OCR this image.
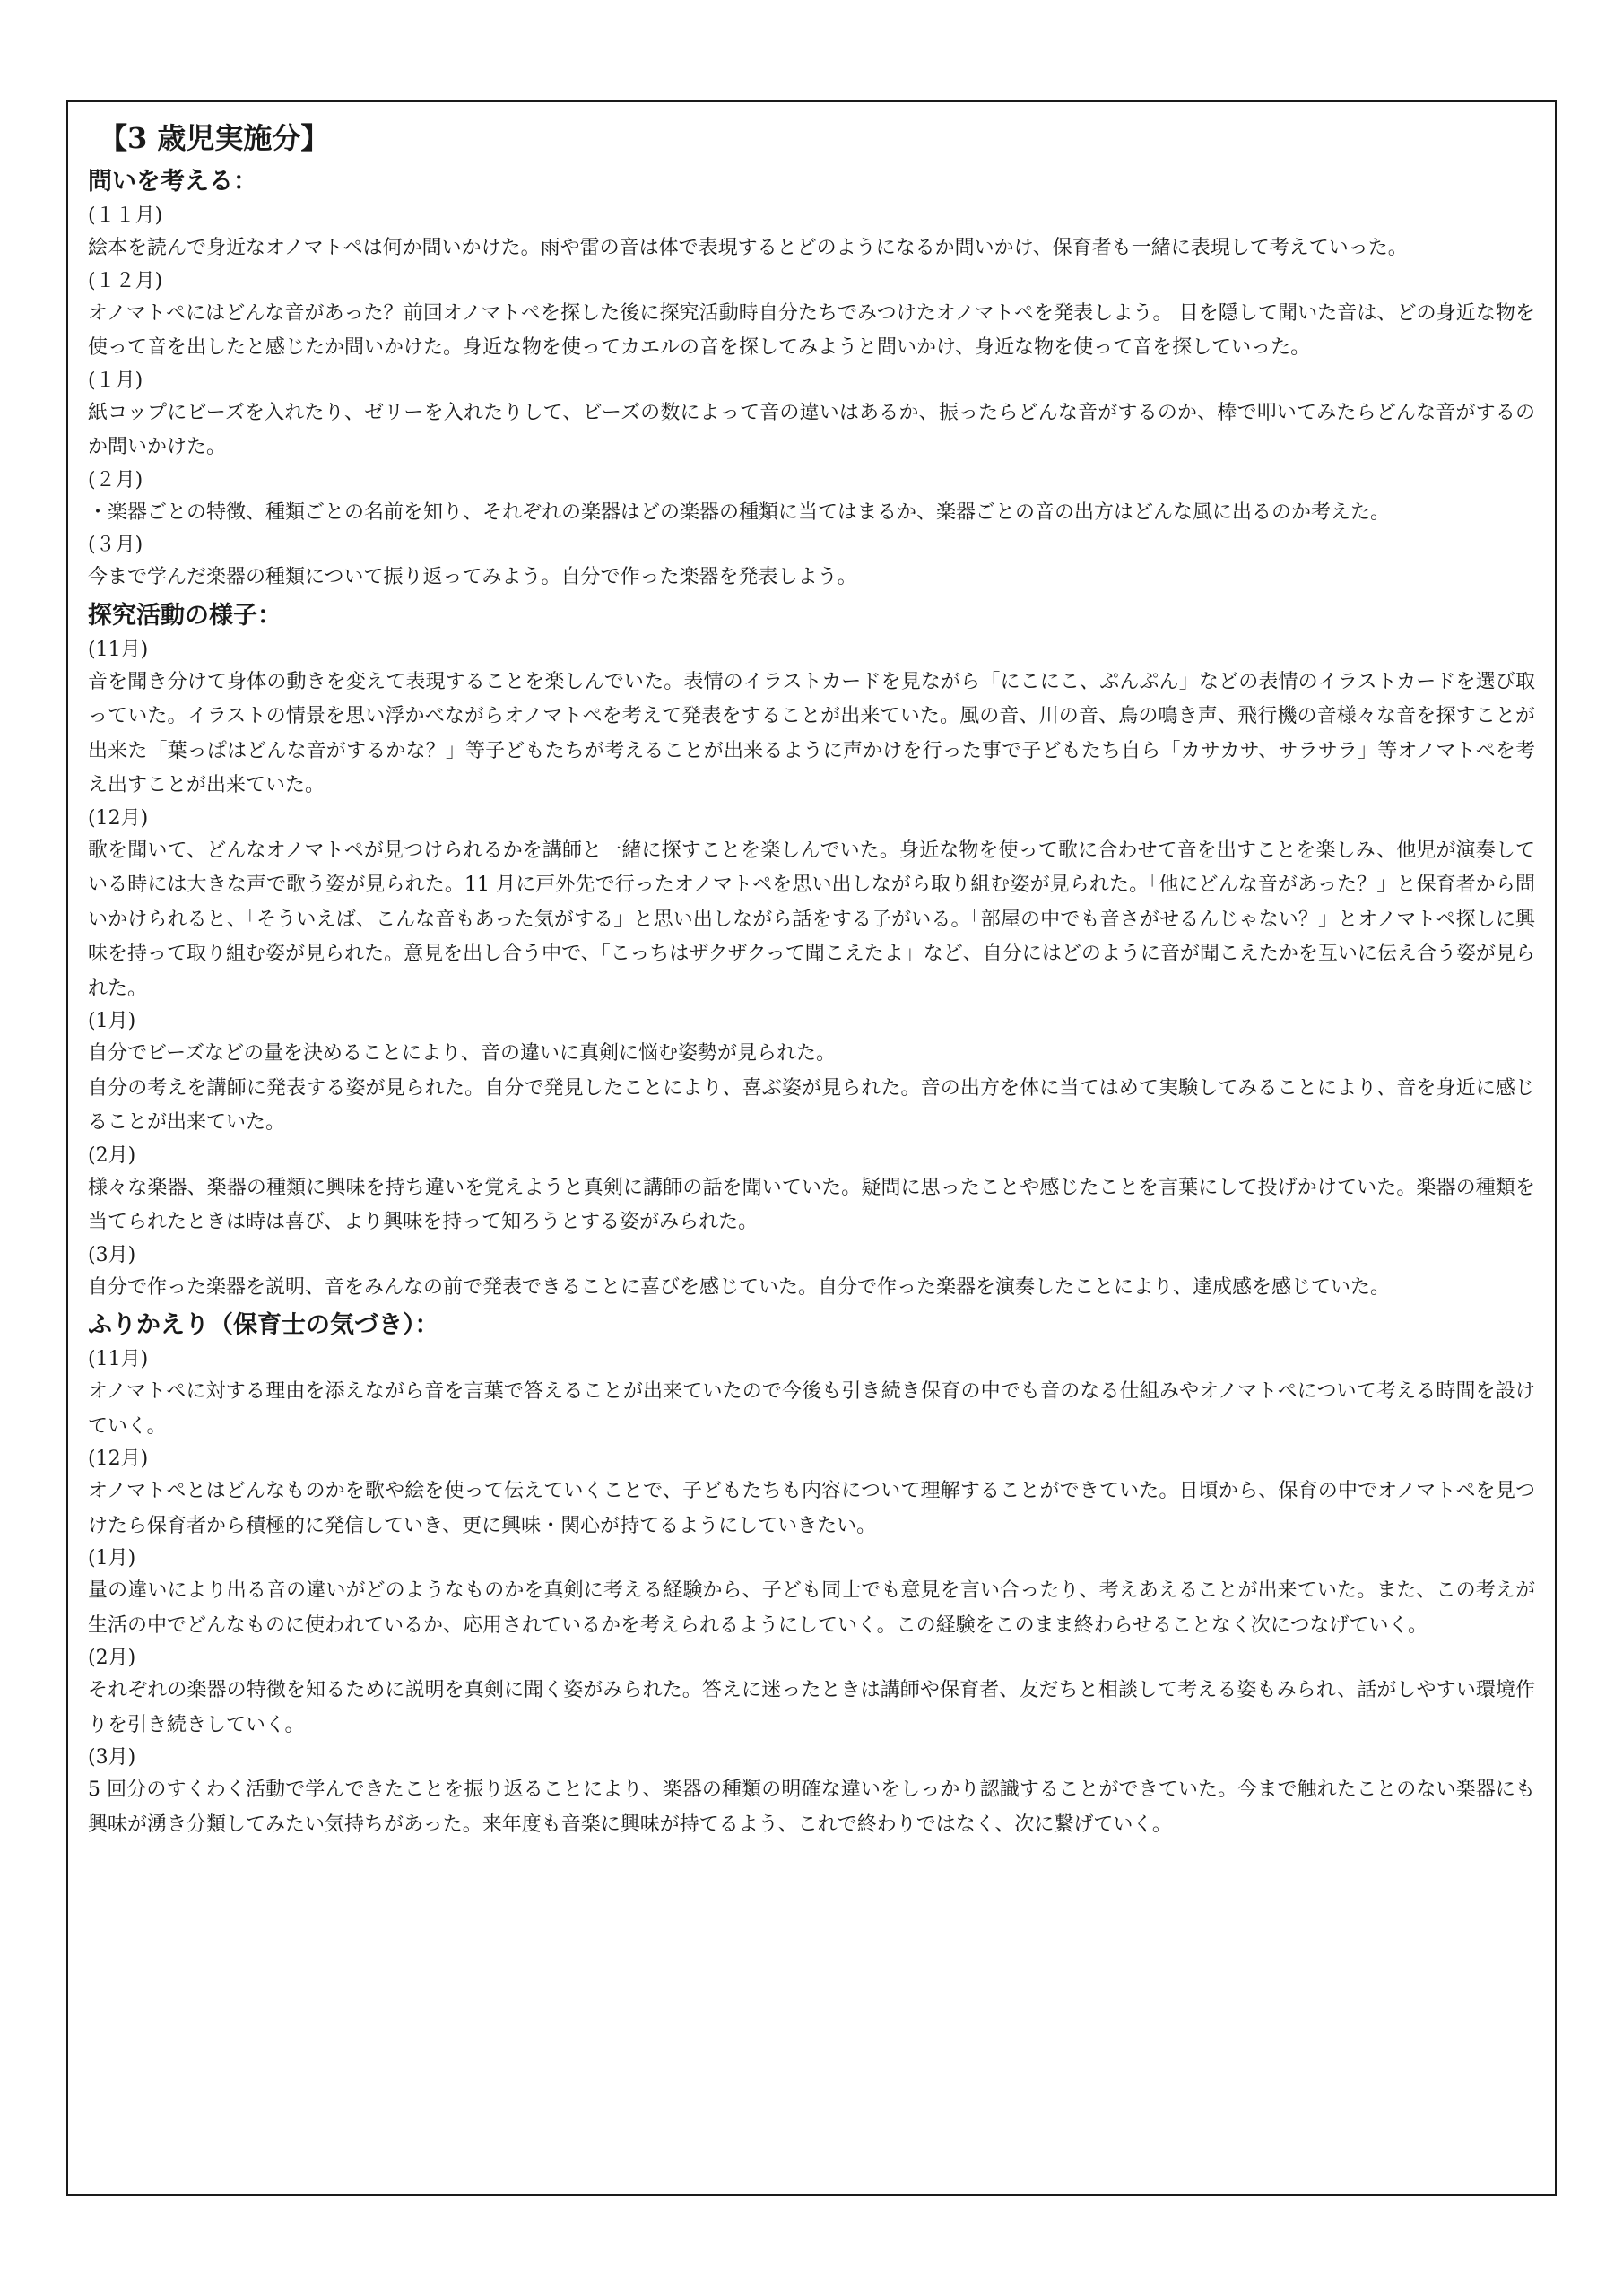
【3 歳児実施分】
問いを考える：
(１１月)

絵本を読んで身近なオノマトペは何か問いかけた。雨や雷の音は体で表現するとどのようになるか問いかけ、保育者も一緒に表現して考えていった。

(１２月)

オノマトペにはどんな音があった？前回オノマトペを探した後に探究活動時自分たちでみつけたオノマトペを発表しよう。 目を隠して聞いた音は、どの身近な物を使って音を出したと感じたか問いかけた。身近な物を使ってカエルの音を探してみようと問いかけ、身近な物を使って音を探していった。

(１月)

紙コップにビーズを入れたり、ゼリーを入れたりして、ビーズの数によって音の違いはあるか、振ったらどんな音がするのか、棒で叩いてみたらどんな音がするのか問いかけた。

(２月)

・楽器ごとの特徴、種類ごとの名前を知り、それぞれの楽器はどの楽器の種類に当てはまるか、楽器ごとの音の出方はどんな風に出るのか考えた。

(３月)

今まで学んだ楽器の種類について振り返ってみよう。自分で作った楽器を発表しよう。

探究活動の様子：
(11月)

音を聞き分けて身体の動きを変えて表現することを楽しんでいた。表情のイラストカードを見ながら「にこにこ、ぷんぷん」などの表情のイラストカードを選び取っていた。イラストの情景を思い浮かべながらオノマトペを考えて発表をすることが出来ていた。風の音、川の音、鳥の鳴き声、飛行機の音様々な音を探すことが出来た「葉っぱはどんな音がするかな？」等子どもたちが考えることが出来るように声かけを行った事で子どもたち自ら「カサカサ、サラサラ」等オノマトペを考え出すことが出来ていた。

(12月)

歌を聞いて、どんなオノマトペが見つけられるかを講師と一緒に探すことを楽しんでいた。身近な物を使って歌に合わせて音を出すことを楽しみ、他児が演奏している時には大きな声で歌う姿が見られた。11 月に戸外先で行ったオノマトペを思い出しながら取り組む姿が見られた。「他にどんな音があった？」と保育者から問いかけられると、「そういえば、こんな音もあった気がする」と思い出しながら話をする子がいる。「部屋の中でも音さがせるんじゃない？」とオノマトペ探しに興味を持って取り組む姿が見られた。意見を出し合う中で、「こっちはザクザクって聞こえたよ」など、自分にはどのように音が聞こえたかを互いに伝え合う姿が見られた。

(1月)

自分でビーズなどの量を決めることにより、音の違いに真剣に悩む姿勢が見られた。

自分の考えを講師に発表する姿が見られた。自分で発見したことにより、喜ぶ姿が見られた。音の出方を体に当てはめて実験してみることにより、音を身近に感じることが出来ていた。

(2月)

様々な楽器、楽器の種類に興味を持ち違いを覚えようと真剣に講師の話を聞いていた。疑問に思ったことや感じたことを言葉にして投げかけていた。楽器の種類を当てられたときは時は喜び、より興味を持って知ろうとする姿がみられた。

(3月)

自分で作った楽器を説明、音をみんなの前で発表できることに喜びを感じていた。自分で作った楽器を演奏したことにより、達成感を感じていた。

ふりかえり（保育士の気づき）：
(11月)

オノマトペに対する理由を添えながら音を言葉で答えることが出来ていたので今後も引き続き保育の中でも音のなる仕組みやオノマトペについて考える時間を設けていく。

(12月)

オノマトペとはどんなものかを歌や絵を使って伝えていくことで、子どもたちも内容について理解することができていた。日頃から、保育の中でオノマトペを見つけたら保育者から積極的に発信していき、更に興味・関心が持てるようにしていきたい。

(1月)

量の違いにより出る音の違いがどのようなものかを真剣に考える経験から、子ども同士でも意見を言い合ったり、考えあえることが出来ていた。また、この考えが生活の中でどんなものに使われているか、応用されているかを考えられるようにしていく。この経験をこのまま終わらせることなく次につなげていく。

(2月)

それぞれの楽器の特徴を知るために説明を真剣に聞く姿がみられた。答えに迷ったときは講師や保育者、友だちと相談して考える姿もみられ、話がしやすい環境作りを引き続きしていく。

(3月)

5 回分のすくわく活動で学んできたことを振り返ることにより、楽器の種類の明確な違いをしっかり認識することができていた。今まで触れたことのない楽器にも興味が湧き分類してみたい気持ちがあった。来年度も音楽に興味が持てるよう、これで終わりではなく、次に繋げていく。
